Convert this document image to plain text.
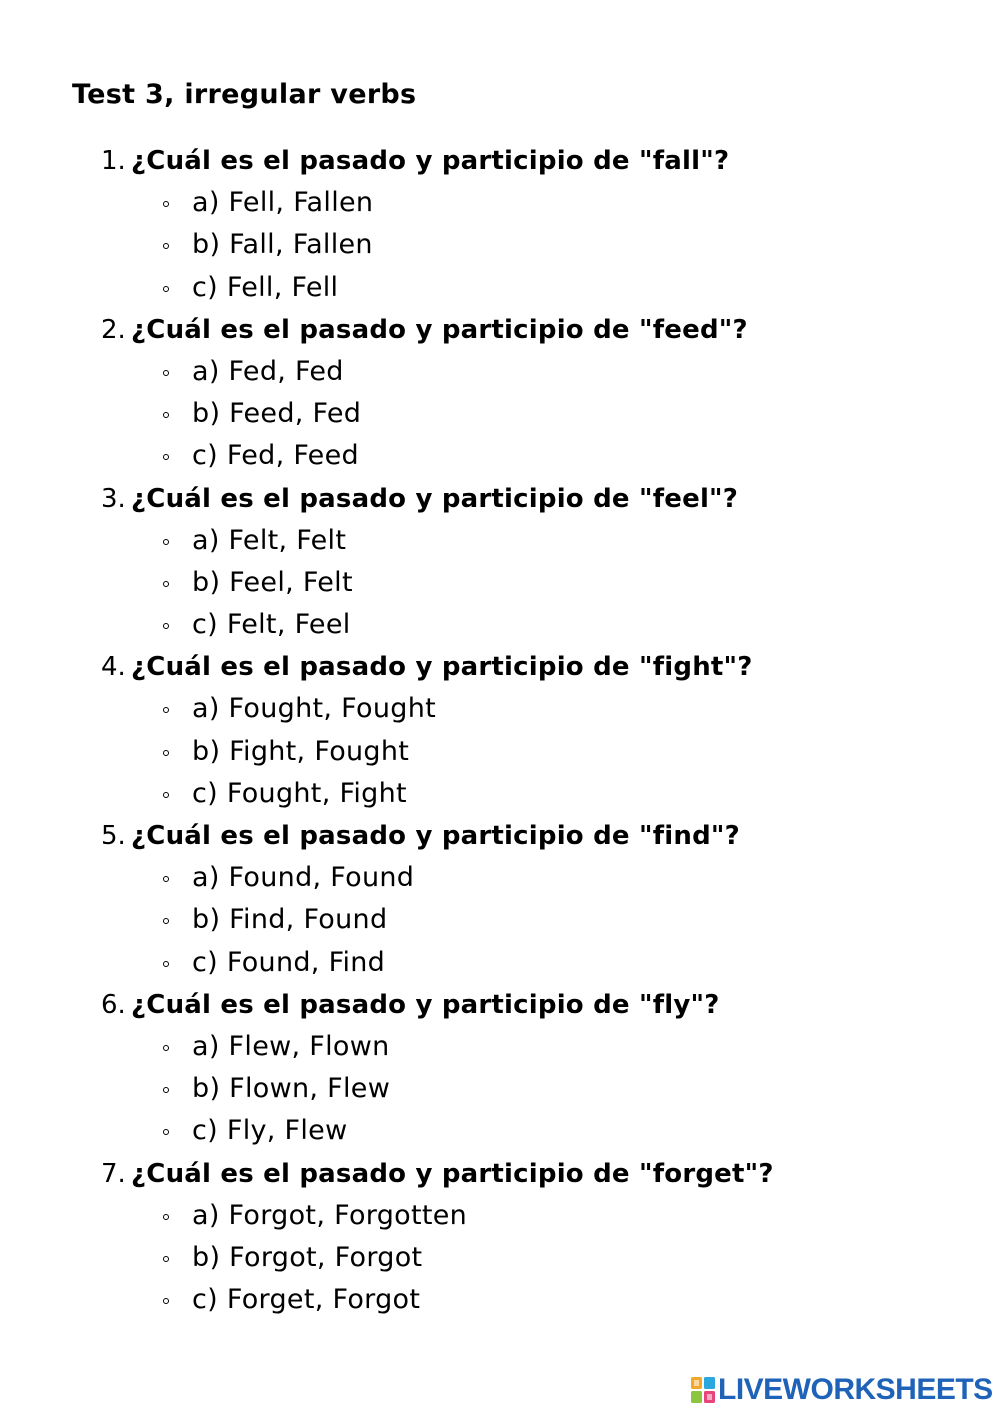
Test 3, irregular verbs
1. ¿Cuál es el pasado y participio de "fall"?
a) Fell, Fallen
b) Fall, Fallen
c) Fell, Fell
2. ¿Cuál es el pasado y participio de "feed"?
a) Fed, Fed
b) Feed, Fed
c) Fed, Feed
3. ¿Cuál es el pasado y participio de "feel"?
a) Felt, Felt
b) Feel, Felt
c) Felt, Feel
4. ¿Cuál es el pasado y participio de "fight"?
a) Fought, Fought
b) Fight, Fought
c) Fought, Fight
5. ¿Cuál es el pasado y participio de "find"?
a) Found, Found
b) Find, Found
c) Found, Find
6. ¿Cuál es el pasado y participio de "fly"?
a) Flew, Flown
b) Flown, Flew
c) Fly, Flew
7. ¿Cuál es el pasado y participio de "forget"?
a) Forgot, Forgotten
b) Forgot, Forgot
c) Forget, Forgot
LIVEWORKSHEETS
